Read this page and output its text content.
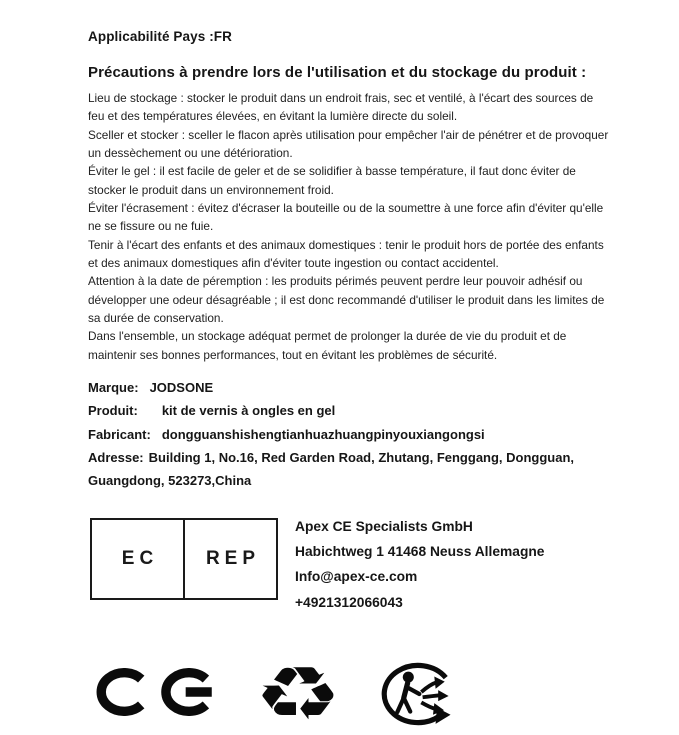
Applicabilité Pays :FR
Précautions à prendre lors de l'utilisation et du stockage du produit :

Lieu de stockage : stocker le produit dans un endroit frais, sec et ventilé, à l'écart des sources de feu et des températures élevées, en évitant la lumière directe du soleil.

Sceller et stocker : sceller le flacon après utilisation pour empêcher l'air de pénétrer et de provoquer un dessèchement ou une détérioration.

Éviter le gel : il est facile de geler et de se solidifier à basse température, il faut donc éviter de stocker le produit dans un environnement froid.

Éviter l'écrasement : évitez d'écraser la bouteille ou de la soumettre à une force afin d'éviter qu'elle ne se fissure ou ne fuie.

Tenir à l'écart des enfants et des animaux domestiques : tenir le produit hors de portée des enfants et des animaux domestiques afin d'éviter toute ingestion ou contact accidentel.

Attention à la date de péremption : les produits périmés peuvent perdre leur pouvoir adhésif ou développer une odeur désagréable ; il est donc recommandé d'utiliser le produit dans les limites de sa durée de conservation.

Dans l'ensemble, un stockage adéquat permet de prolonger la durée de vie du produit et de maintenir ses bonnes performances, tout en évitant les problèmes de sécurité.

Marque: JODSONE
Produit: kit de vernis à ongles en gel
Fabricant: dongguanshishengtianhuazhuangpinyouxiangongsi
Adresse: Building 1, No.16, Red Garden Road, Zhutang, Fenggang, Dongguan, Guangdong, 523273,China
EC	REP
Apex CE Specialists GmbH
Habichtweg 1 41468 Neuss Allemagne
Info@apex-ce.com
+4921312066043
♻
